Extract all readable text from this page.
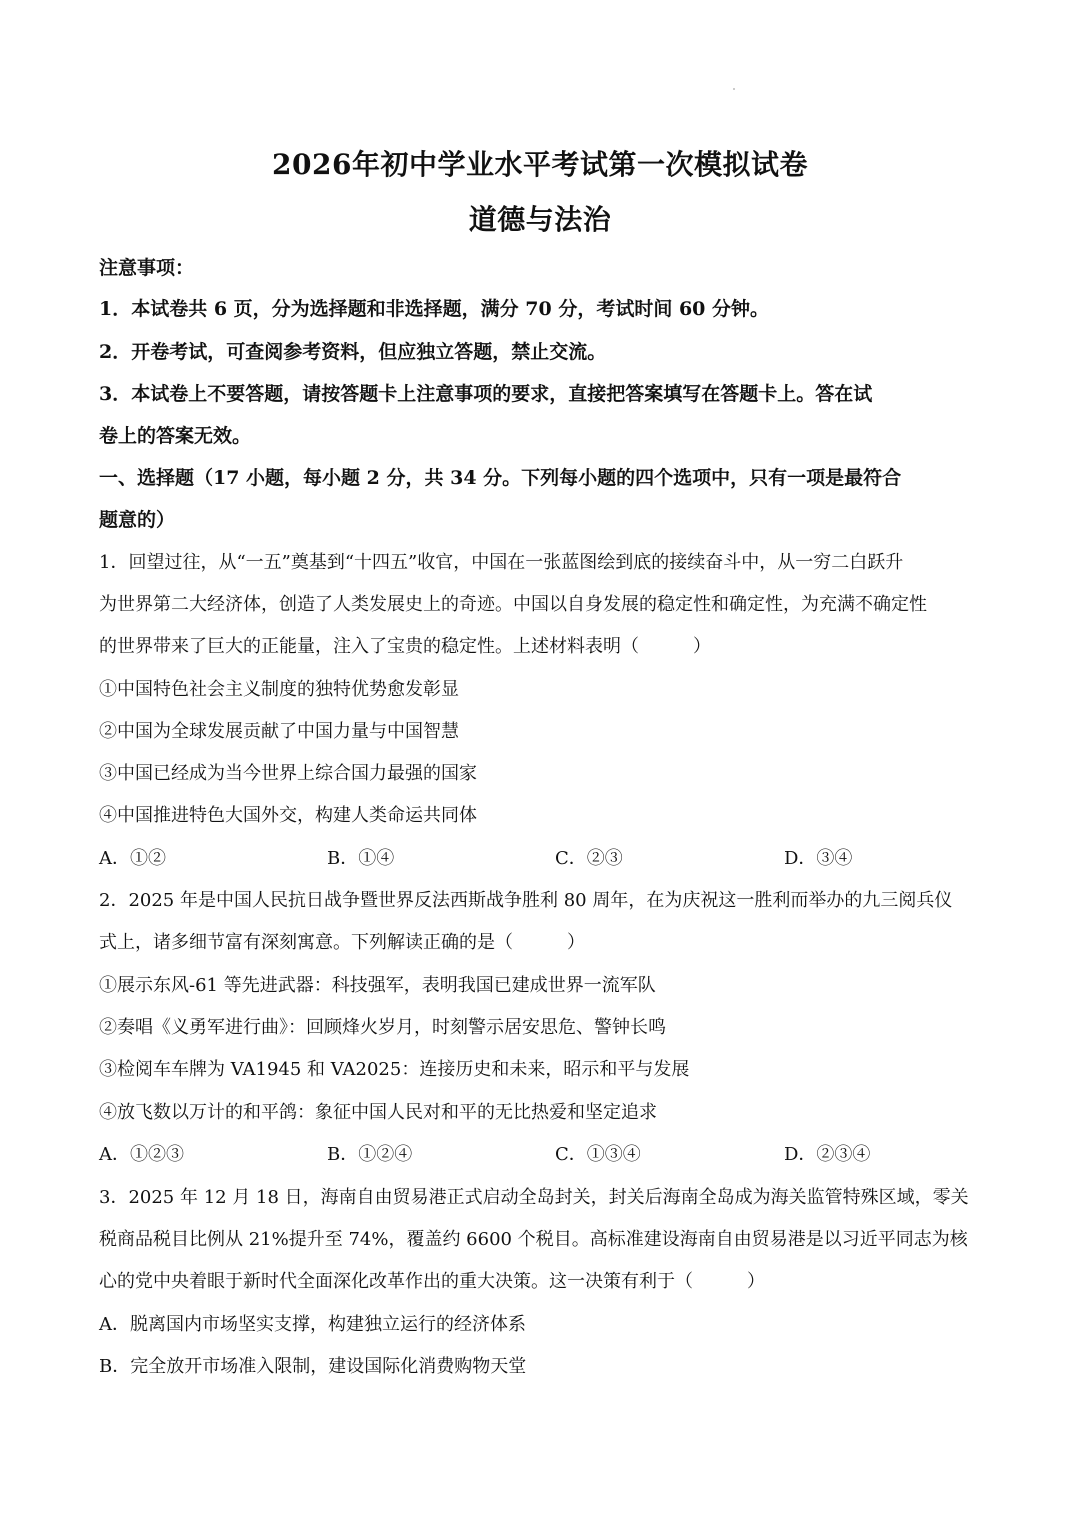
2026年初中学业水平考试第一次模拟试卷
道德与法治
注意事项：
1．本试卷共 6 页，分为选择题和非选择题，满分 70 分，考试时间 60 分钟。
2．开卷考试，可查阅参考资料，但应独立答题，禁止交流。
3．本试卷上不要答题，请按答题卡上注意事项的要求，直接把答案填写在答题卡上。答在试
卷上的答案无效。
一、选择题（17 小题，每小题 2 分，共 34 分。下列每小题的四个选项中，只有一项是最符合
题意的）
1．回望过往，从“一五”奠基到“十四五”收官，中国在一张蓝图绘到底的接续奋斗中，从一穷二白跃升
为世界第二大经济体，创造了人类发展史上的奇迹。中国以自身发展的稳定性和确定性，为充满不确定性
的世界带来了巨大的正能量，注入了宝贵的稳定性。上述材料表明（　　　）
①中国特色社会主义制度的独特优势愈发彰显
②中国为全球发展贡献了中国力量与中国智慧
③中国已经成为当今世界上综合国力最强的国家
④中国推进特色大国外交，构建人类命运共同体
A．①②	B．①④	C．②③	D．③④
2．2025 年是中国人民抗日战争暨世界反法西斯战争胜利 80 周年，在为庆祝这一胜利而举办的九三阅兵仪
式上，诸多细节富有深刻寓意。下列解读正确的是（　　　）
①展示东风-61 等先进武器：科技强军，表明我国已建成世界一流军队
②奏唱《义勇军进行曲》：回顾烽火岁月，时刻警示居安思危、警钟长鸣
③检阅车车牌为 VA1945 和 VA2025：连接历史和未来，昭示和平与发展
④放飞数以万计的和平鸽：象征中国人民对和平的无比热爱和坚定追求
A．①②③	B．①②④	C．①③④	D．②③④
3．2025 年 12 月 18 日，海南自由贸易港正式启动全岛封关，封关后海南全岛成为海关监管特殊区域，零关
税商品税目比例从 21%提升至 74%，覆盖约 6600 个税目。高标准建设海南自由贸易港是以习近平同志为核
心的党中央着眼于新时代全面深化改革作出的重大决策。这一决策有利于（　　　）
A．脱离国内市场坚实支撑，构建独立运行的经济体系
B．完全放开市场准入限制，建设国际化消费购物天堂
